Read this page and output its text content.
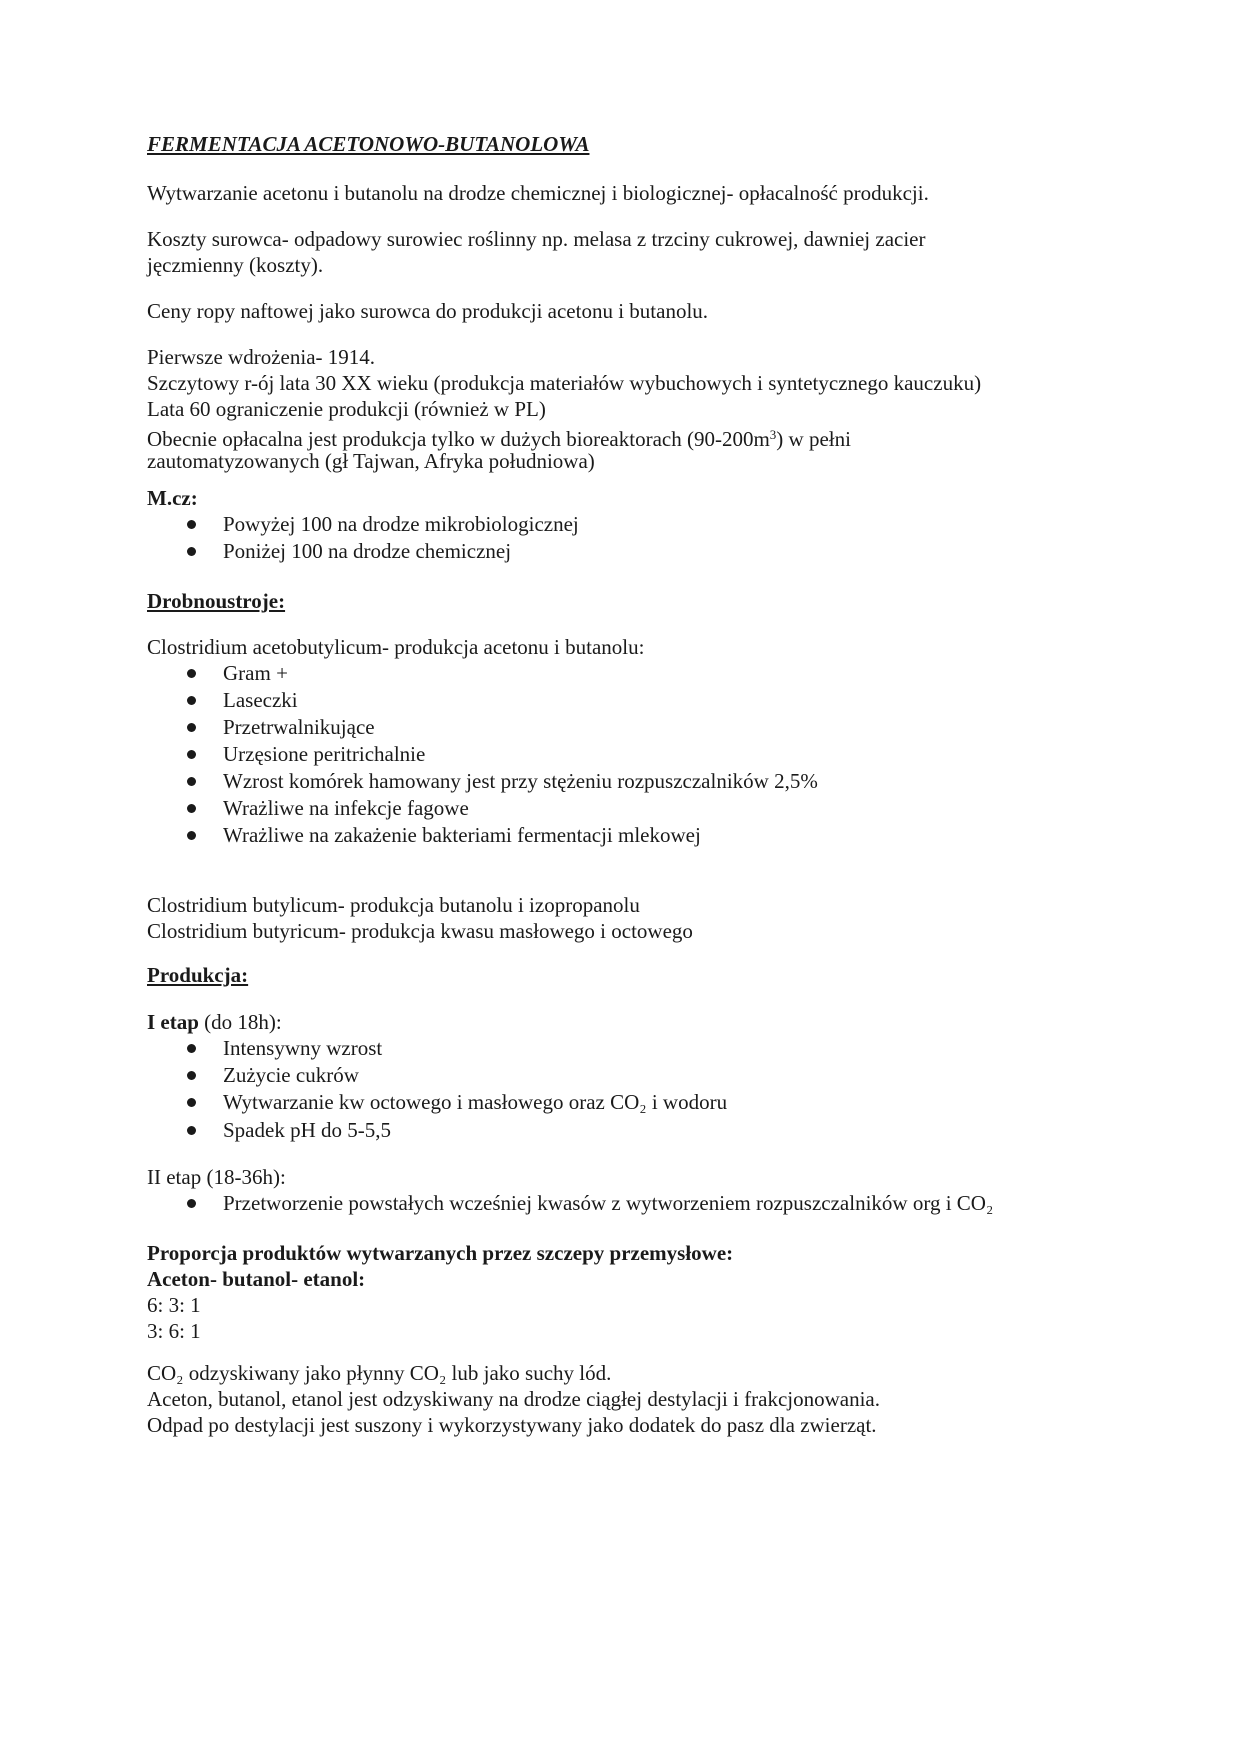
FERMENTACJA ACETONOWO-BUTANOLOWA
Wytwarzanie acetonu i butanolu na drodze chemicznej i biologicznej- opłacalność produkcji.
Koszty surowca- odpadowy surowiec roślinny np. melasa z trzciny cukrowej, dawniej zacier
jęczmienny (koszty).
Ceny ropy naftowej jako surowca do produkcji acetonu i butanolu.
Pierwsze wdrożenia- 1914.
Szczytowy r-ój lata 30 XX wieku (produkcja materiałów wybuchowych i syntetycznego kauczuku)
Lata 60 ograniczenie produkcji (również w PL)
Obecnie opłacalna jest produkcja tylko w dużych bioreaktorach $(90-200m^3)$ w pełni
zautomatyzowanych (gł Tajwan, Afryka południowa)
M.cz:
Powyżej 100 na drodze mikrobiologicznej
Poniżej 100 na drodze chemicznej
Drobnoustroje:
Clostridium acetobutylicum- produkcja acetonu i butanolu:
Gram +
Laseczki
Przetrwalnikujące
Urzęsione peritrichalnie
Wzrost komórek hamowany jest przy stężeniu rozpuszczalników 2,5%
Wrażliwe na infekcje fagowe
Wrażliwe na zakażenie bakteriami fermentacji mlekowej
Clostridium butylicum- produkcja butanolu i izopropanolu
Clostridium butyricum- produkcja kwasu masłowego i octowego
Produkcja:
I etap (do 18h):
Intensywny wzrost
Zużycie cukrów
Wytwarzanie kw octowego i masłowego oraz CO₂ i wodoru
Spadek pH do 5-5,5
II etap (18-36h):
Przetworzenie powstałych wcześniej kwasów z wytworzeniem rozpuszczalników org i CO₂
Proporcja produktów wytwarzanych przez szczepy przemysłowe:
Aceton- butanol- etanol:
6: 3: 1
3: 6: 1
CO₂ odzyskiwany jako płynny CO₂ lub jako suchy lód.
Aceton, butanol, etanol jest odzyskiwany na drodze ciągłej destylacji i frakcjonowania.
Odpad po destylacji jest suszony i wykorzystywany jako dodatek do pasz dla zwierząt.
